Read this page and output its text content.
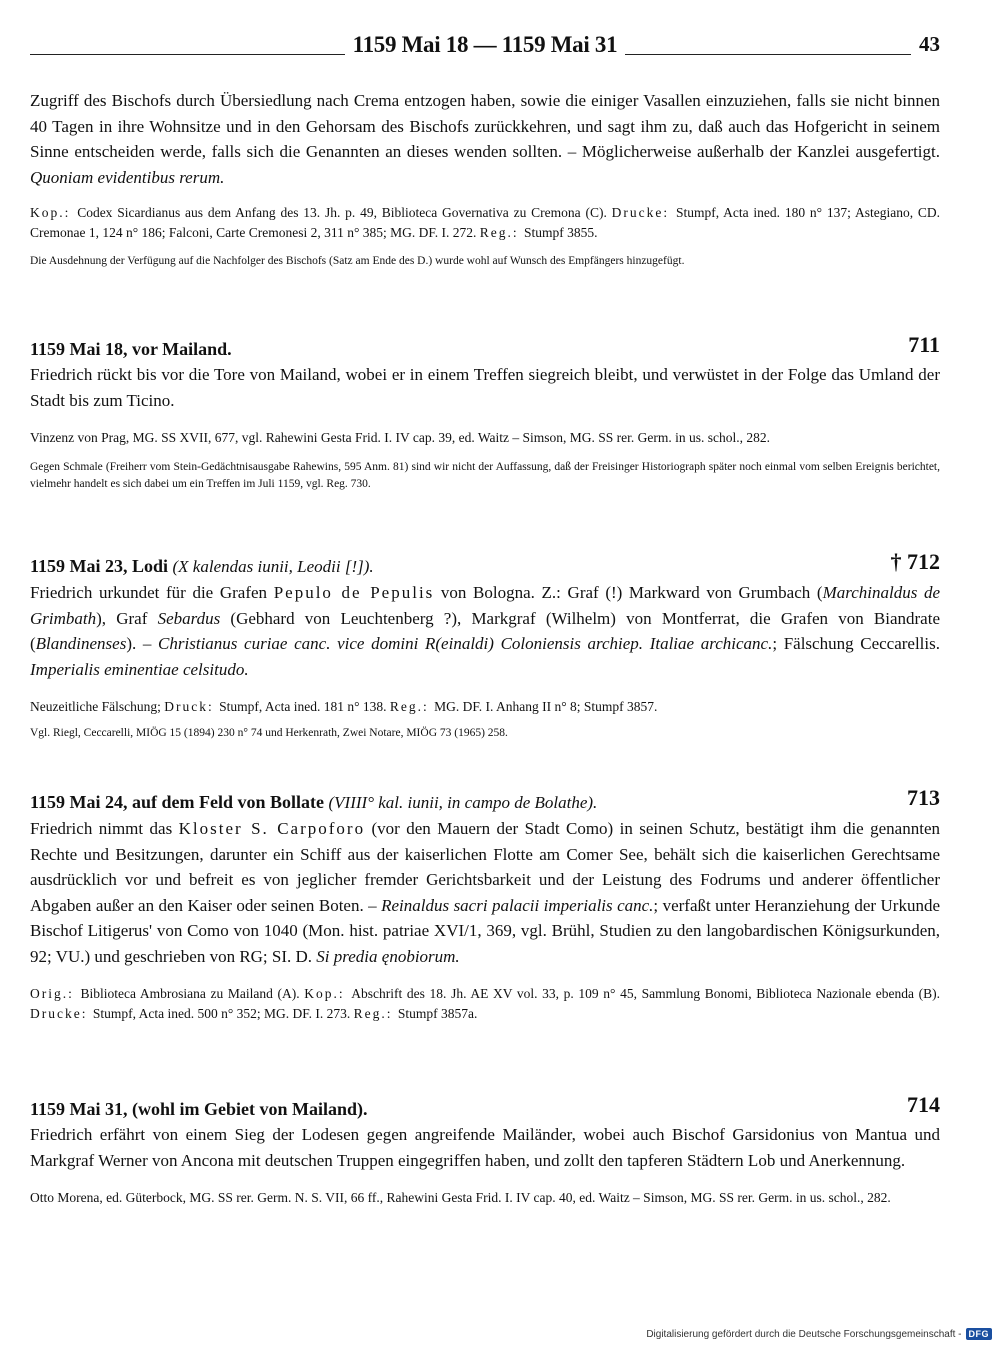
1159 Mai 18 — 1159 Mai 31	43

Zugriff des Bischofs durch Übersiedlung nach Crema entzogen haben, sowie die einiger Vasallen einzuziehen, falls sie nicht binnen 40 Tagen in ihre Wohnsitze und in den Gehorsam des Bischofs zurückkehren, und sagt ihm zu, daß auch das Hofgericht in seinem Sinne entscheiden werde, falls sich die Genannten an dieses wenden sollten. – Möglicherweise außerhalb der Kanzlei ausgefertigt. Quoniam evidentibus rerum.

Kop.: Codex Sicardianus aus dem Anfang des 13. Jh. p. 49, Biblioteca Governativa zu Cremona (C). Drucke: Stumpf, Acta ined. 180 n° 137; Astegiano, CD. Cremonae 1, 124 n° 186; Falconi, Carte Cremonesi 2, 311 n° 385; MG. DF. I. 272. Reg.: Stumpf 3855.

Die Ausdehnung der Verfügung auf die Nachfolger des Bischofs (Satz am Ende des D.) wurde wohl auf Wunsch des Empfängers hinzugefügt.

1159 Mai 18, vor Mailand.	711

Friedrich rückt bis vor die Tore von Mailand, wobei er in einem Treffen siegreich bleibt, und verwüstet in der Folge das Umland der Stadt bis zum Ticino.

Vinzenz von Prag, MG. SS XVII, 677, vgl. Rahewini Gesta Frid. I. IV cap. 39, ed. Waitz – Simson, MG. SS rer. Germ. in us. schol., 282.

Gegen Schmale (Freiherr vom Stein-Gedächtnisausgabe Rahewins, 595 Anm. 81) sind wir nicht der Auffassung, daß der Freisinger Historiograph später noch einmal vom selben Ereignis berichtet, vielmehr handelt es sich dabei um ein Treffen im Juli 1159, vgl. Reg. 730.

1159 Mai 23, Lodi (X kalendas iunii, Leodii [!]).	† 712

Friedrich urkundet für die Grafen Pepulo de Pepulis von Bologna. Z.: Graf (!) Markward von Grumbach (Marchinaldus de Grimbath), Graf Sebardus (Gebhard von Leuchtenberg ?), Markgraf (Wilhelm) von Montferrat, die Grafen von Biandrate (Blandinenses). – Christianus curiae canc. vice domini R(einaldi) Coloniensis archiep. Italiae archicanc.; Fälschung Ceccarellis. Imperialis eminentiae celsitudo.

Neuzeitliche Fälschung; Druck: Stumpf, Acta ined. 181 n° 138. Reg.: MG. DF. I. Anhang II n° 8; Stumpf 3857.

Vgl. Riegl, Ceccarelli, MIÖG 15 (1894) 230 n° 74 und Herkenrath, Zwei Notare, MIÖG 73 (1965) 258.

1159 Mai 24, auf dem Feld von Bollate (VIIII° kal. iunii, in campo de Bolathe).	713

Friedrich nimmt das Kloster S. Carpoforo (vor den Mauern der Stadt Como) in seinen Schutz, bestätigt ihm die genannten Rechte und Besitzungen, darunter ein Schiff aus der kaiserlichen Flotte am Comer See, behält sich die kaiserlichen Gerechtsame ausdrücklich vor und befreit es von jeglicher fremder Gerichtsbarkeit und der Leistung des Fodrums und anderer öffentlicher Abgaben außer an den Kaiser oder seinen Boten. – Reinaldus sacri palacii imperialis canc.; verfaßt unter Heranziehung der Urkunde Bischof Litigerus' von Como von 1040 (Mon. hist. patriae XVI/1, 369, vgl. Brühl, Studien zu den langobardischen Königsurkunden, 92; VU.) und geschrieben von RG; SI. D. Si predia ęnobiorum.

Orig.: Biblioteca Ambrosiana zu Mailand (A). Kop.: Abschrift des 18. Jh. AE XV vol. 33, p. 109 n° 45, Sammlung Bonomi, Biblioteca Nazionale ebenda (B). Drucke: Stumpf, Acta ined. 500 n° 352; MG. DF. I. 273. Reg.: Stumpf 3857a.

1159 Mai 31, (wohl im Gebiet von Mailand).	714

Friedrich erfährt von einem Sieg der Lodesen gegen angreifende Mailänder, wobei auch Bischof Garsidonius von Mantua und Markgraf Werner von Ancona mit deutschen Truppen eingegriffen haben, und zollt den tapferen Städtern Lob und Anerkennung.

Otto Morena, ed. Güterbock, MG. SS rer. Germ. N. S. VII, 66 ff., Rahewini Gesta Frid. I. IV cap. 40, ed. Waitz – Simson, MG. SS rer. Germ. in us. schol., 282.

Digitalisierung gefördert durch die Deutsche Forschungsgemeinschaft - DFG
